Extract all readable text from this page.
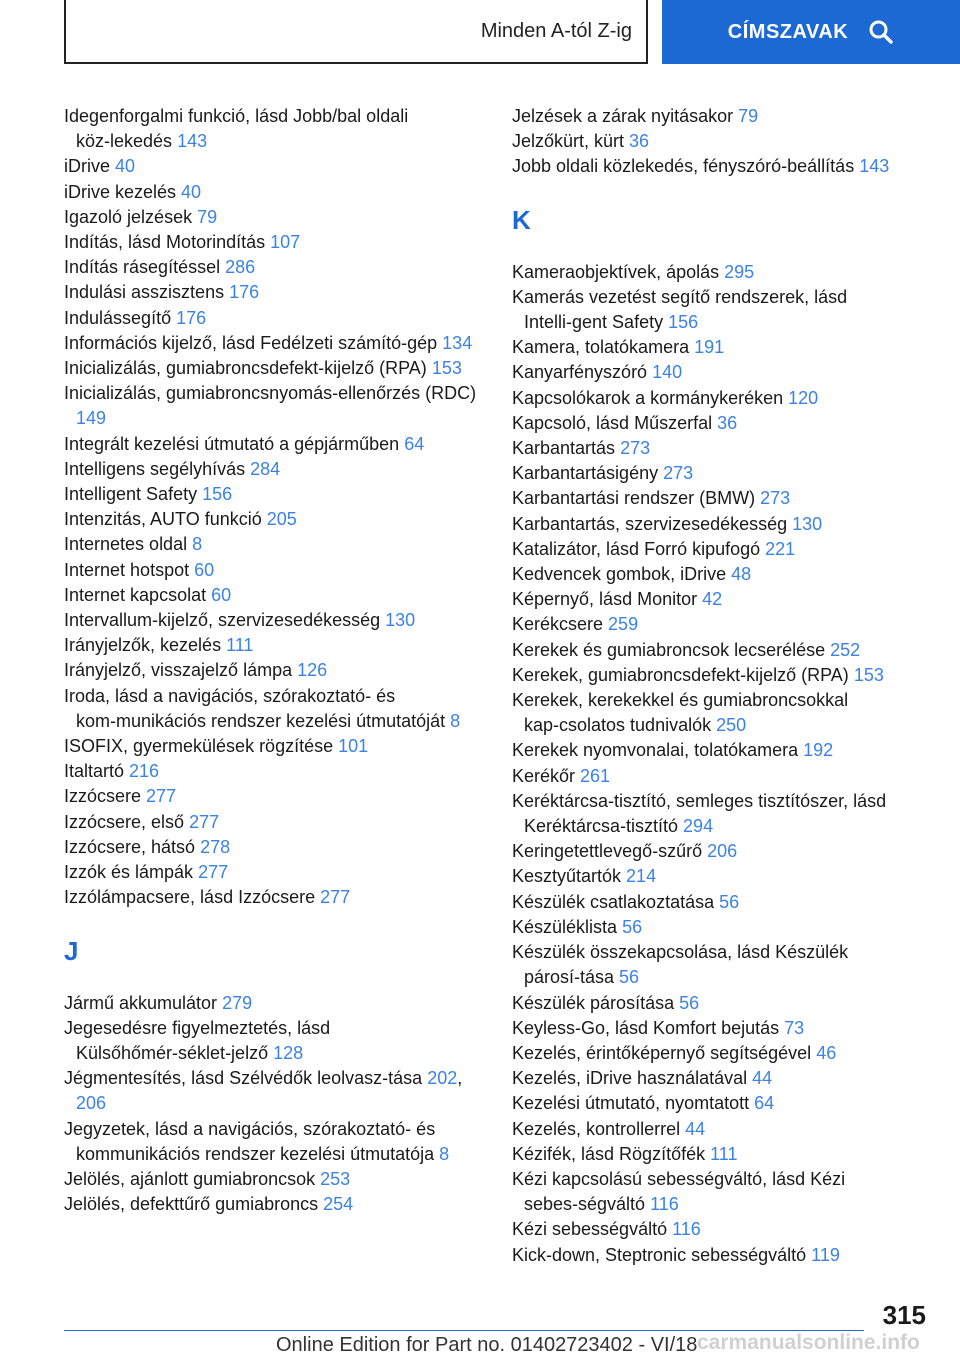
Minden A-tól Z-ig	CÍMSZAVAK
Idegenforgalmi funkció, lásd Jobb/bal oldali köz‑lekedés 143
iDrive 40
iDrive kezelés 40
Igazoló jelzések 79
Indítás, lásd Motorindítás 107
Indítás rásegítéssel 286
Indulási asszisztens 176
Indulássegítő 176
Információs kijelző, lásd Fedélzeti számító‑gép 134
Inicializálás, gumiabroncsdefekt-kijelző (RPA) 153
Inicializálás, gumiabroncsnyomás-ellenőrzés (RDC) 149
Integrált kezelési útmutató a gépjárműben 64
Intelligens segélyhívás 284
Intelligent Safety 156
Intenzitás, AUTO funkció 205
Internetes oldal 8
Internet hotspot 60
Internet kapcsolat 60
Intervallum-kijelző, szervizesedékesség 130
Irányjelzők, kezelés 111
Irányjelző, visszajelző lámpa 126
Iroda, lásd a navigációs, szórakoztató- és kom‑munikációs rendszer kezelési útmutatóját 8
ISOFIX, gyermekülések rögzítése 101
Italtartó 216
Izzócsere 277
Izzócsere, első 277
Izzócsere, hátsó 278
Izzók és lámpák 277
Izzólámpacsere, lásd Izzócsere 277
J
Jármű akkumulátor 279
Jegesedésre figyelmeztetés, lásd Külsőhőmér‑séklet-jelző 128
Jégmentesítés, lásd Szélvédők leolvasz‑tása 202, 206
Jegyzetek, lásd a navigációs, szórakoztató- és kommunikációs rendszer kezelési útmutatója 8
Jelölés, ajánlott gumiabroncsok 253
Jelölés, defekttűrő gumiabroncs 254
Jelzések a zárak nyitásakor 79
Jelzőkürt, kürt 36
Jobb oldali közlekedés, fényszóró-beállítás 143
K
Kameraobjektívek, ápolás 295
Kamerás vezetést segítő rendszerek, lásd Intelli‑gent Safety 156
Kamera, tolatókamera 191
Kanyarfényszóró 140
Kapcsolókarok a kormánykeréken 120
Kapcsoló, lásd Műszerfal 36
Karbantartás 273
Karbantartásigény 273
Karbantartási rendszer (BMW) 273
Karbantartás, szervizesedékesség 130
Katalizátor, lásd Forró kipufogó 221
Kedvencek gombok, iDrive 48
Képernyő, lásd Monitor 42
Kerékcsere 259
Kerekek és gumiabroncsok lecserélése 252
Kerekek, gumiabroncsdefekt-kijelző (RPA) 153
Kerekek, kerekekkel és gumiabroncsokkal kap‑csolatos tudnivalók 250
Kerekek nyomvonalai, tolatókamera 192
Kerékőr 261
Keréktárcsa-tisztító, semleges tisztítószer, lásd Keréktárcsa-tisztító 294
Keringetettlevegő-szűrő 206
Kesztyűtartók 214
Készülék csatlakoztatása 56
Készüléklista 56
Készülék összekapcsolása, lásd Készülék párosí‑tása 56
Készülék párosítása 56
Keyless-Go, lásd Komfort bejutás 73
Kezelés, érintőképernyő segítségével 46
Kezelés, iDrive használatával 44
Kezelési útmutató, nyomtatott 64
Kezelés, kontrollerrel 44
Kézifék, lásd Rögzítőfék 111
Kézi kapcsolású sebességváltó, lásd Kézi sebes‑ségváltó 116
Kézi sebességváltó 116
Kick-down, Steptronic sebességváltó 119
315
Online Edition for Part no. 01402723402 - VI/18 carmanualsonline.info
